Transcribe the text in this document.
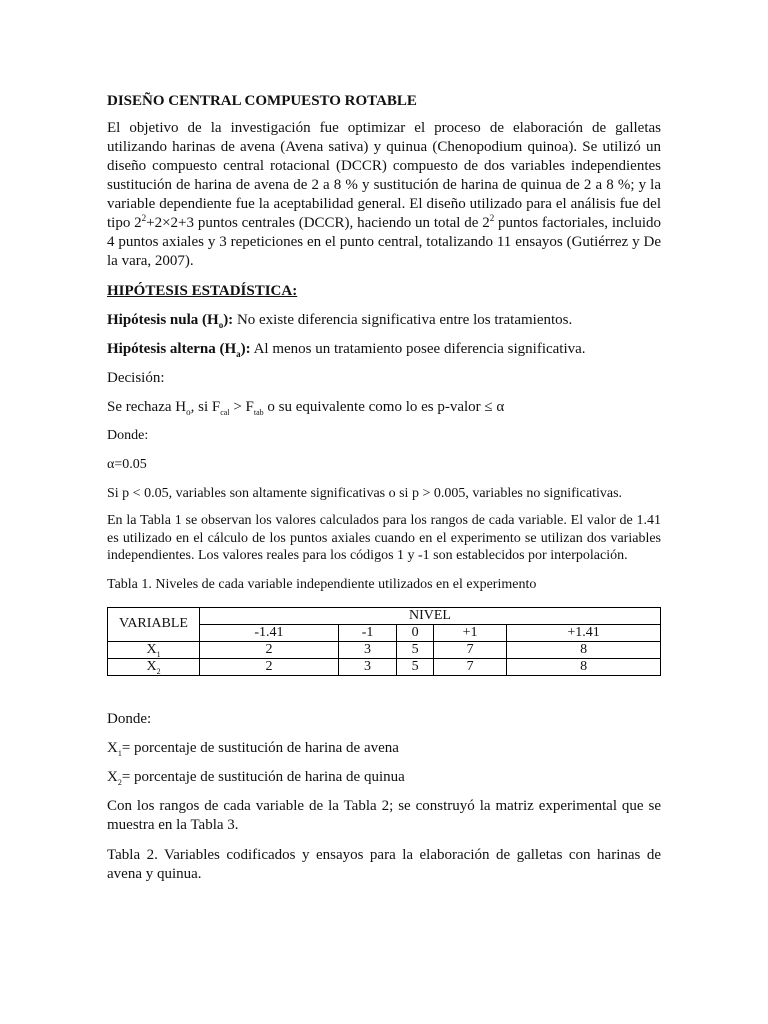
DISEÑO CENTRAL COMPUESTO ROTABLE

El objetivo de la investigación fue optimizar el proceso de elaboración de galletas utilizando harinas de avena (Avena sativa) y quinua (Chenopodium quinoa). Se utilizó un diseño compuesto central rotacional (DCCR) compuesto de dos variables independientes sustitución de harina de avena de 2 a 8 % y sustitución de harina de quinua de 2 a 8 %; y la variable dependiente fue la aceptabilidad general. El diseño utilizado para el análisis fue del tipo $2^2+2\times 2+3$ puntos centrales (DCCR), haciendo un total de $2^2$ puntos factoriales, incluido 4 puntos axiales y 3 repeticiones en el punto central, totalizando 11 ensayos (Gutiérrez y De la vara, 2007).

HIPÓTESIS ESTADÍSTICA:

Hipótesis nula $(H_o)$: No existe diferencia significativa entre los tratamientos.

Hipótesis alterna $(H_a)$: Al menos un tratamiento posee diferencia significativa.

Decisión:

Se rechaza $H_o$, si $F_{cal} > F_{tab}$ o su equivalente como lo es p-valor ≤ α

Donde:

α=0.05

Si p < 0.05, variables son altamente significativas o si p > 0.005, variables no significativas.

En la Tabla 1 se observan los valores calculados para los rangos de cada variable. El valor de 1.41 es utilizado en el cálculo de los puntos axiales cuando en el experimento se utilizan dos variables independientes. Los valores reales para los códigos 1 y -1 son establecidos por interpolación.

Tabla 1. Niveles de cada variable independiente utilizados en el experimento

VARIABLE	NIVEL				
	-1.41	-1	0	+1	+1.41
$X_1$	2	3	5	7	8
$X_2$	2	3	5	7	8

Donde:

$X_1=$ porcentaje de sustitución de harina de avena

$X_2=$ porcentaje de sustitución de harina de quinua

Con los rangos de cada variable de la Tabla 2; se construyó la matriz experimental que se muestra en la Tabla 3.

Tabla 2. Variables codificados y ensayos para la elaboración de galletas con harinas de avena y quinua.
